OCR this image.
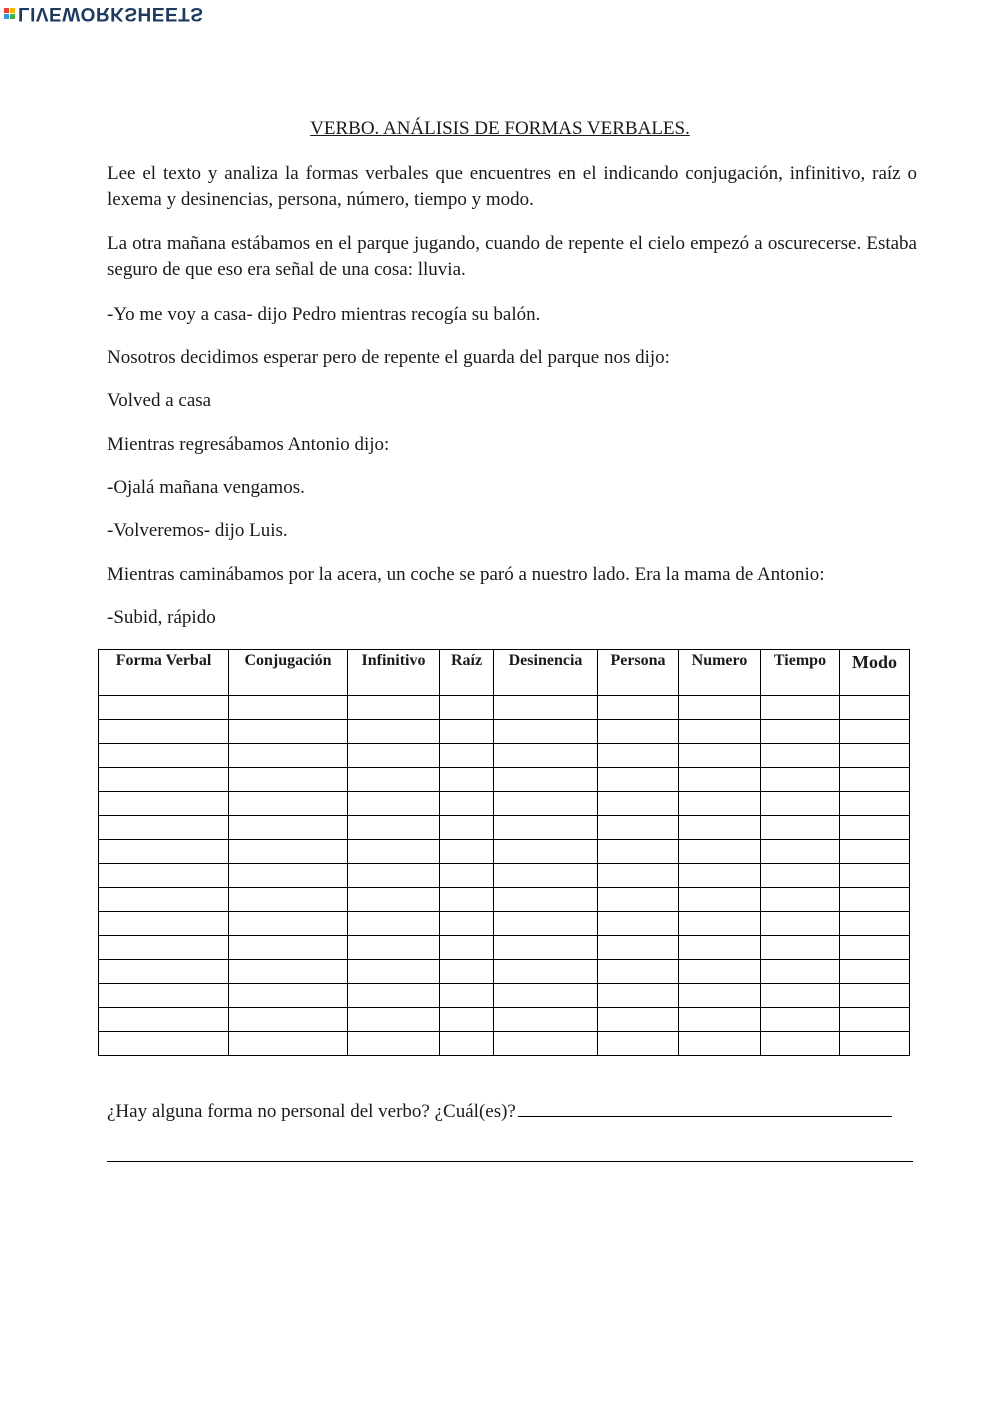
LIVEWORKSHEETS
VERBO. ANÁLISIS DE FORMAS VERBALES.

Lee el texto y analiza la formas verbales que encuentres en el indicando conjugación, infinitivo, raíz o lexema y desinencias, persona, número, tiempo y modo.

La otra mañana estábamos en el parque jugando, cuando de repente el cielo empezó a oscurecerse. Estaba seguro de que eso era señal de una cosa: lluvia.

-Yo me voy a casa- dijo Pedro mientras recogía su balón.

Nosotros decidimos esperar pero de repente el guarda del parque nos dijo:

Volved a casa

Mientras regresábamos Antonio dijo:

-Ojalá mañana vengamos.

-Volveremos- dijo Luis.

Mientras caminábamos por la acera, un coche se paró a nuestro lado. Era la mama de Antonio:

-Subid, rápido

Forma Verbal	Conjugación	Infinitivo	Raíz	Desinencia	Persona	Numero	Tiempo	Modo

¿Hay alguna forma no personal del verbo? ¿Cuál(es)?
